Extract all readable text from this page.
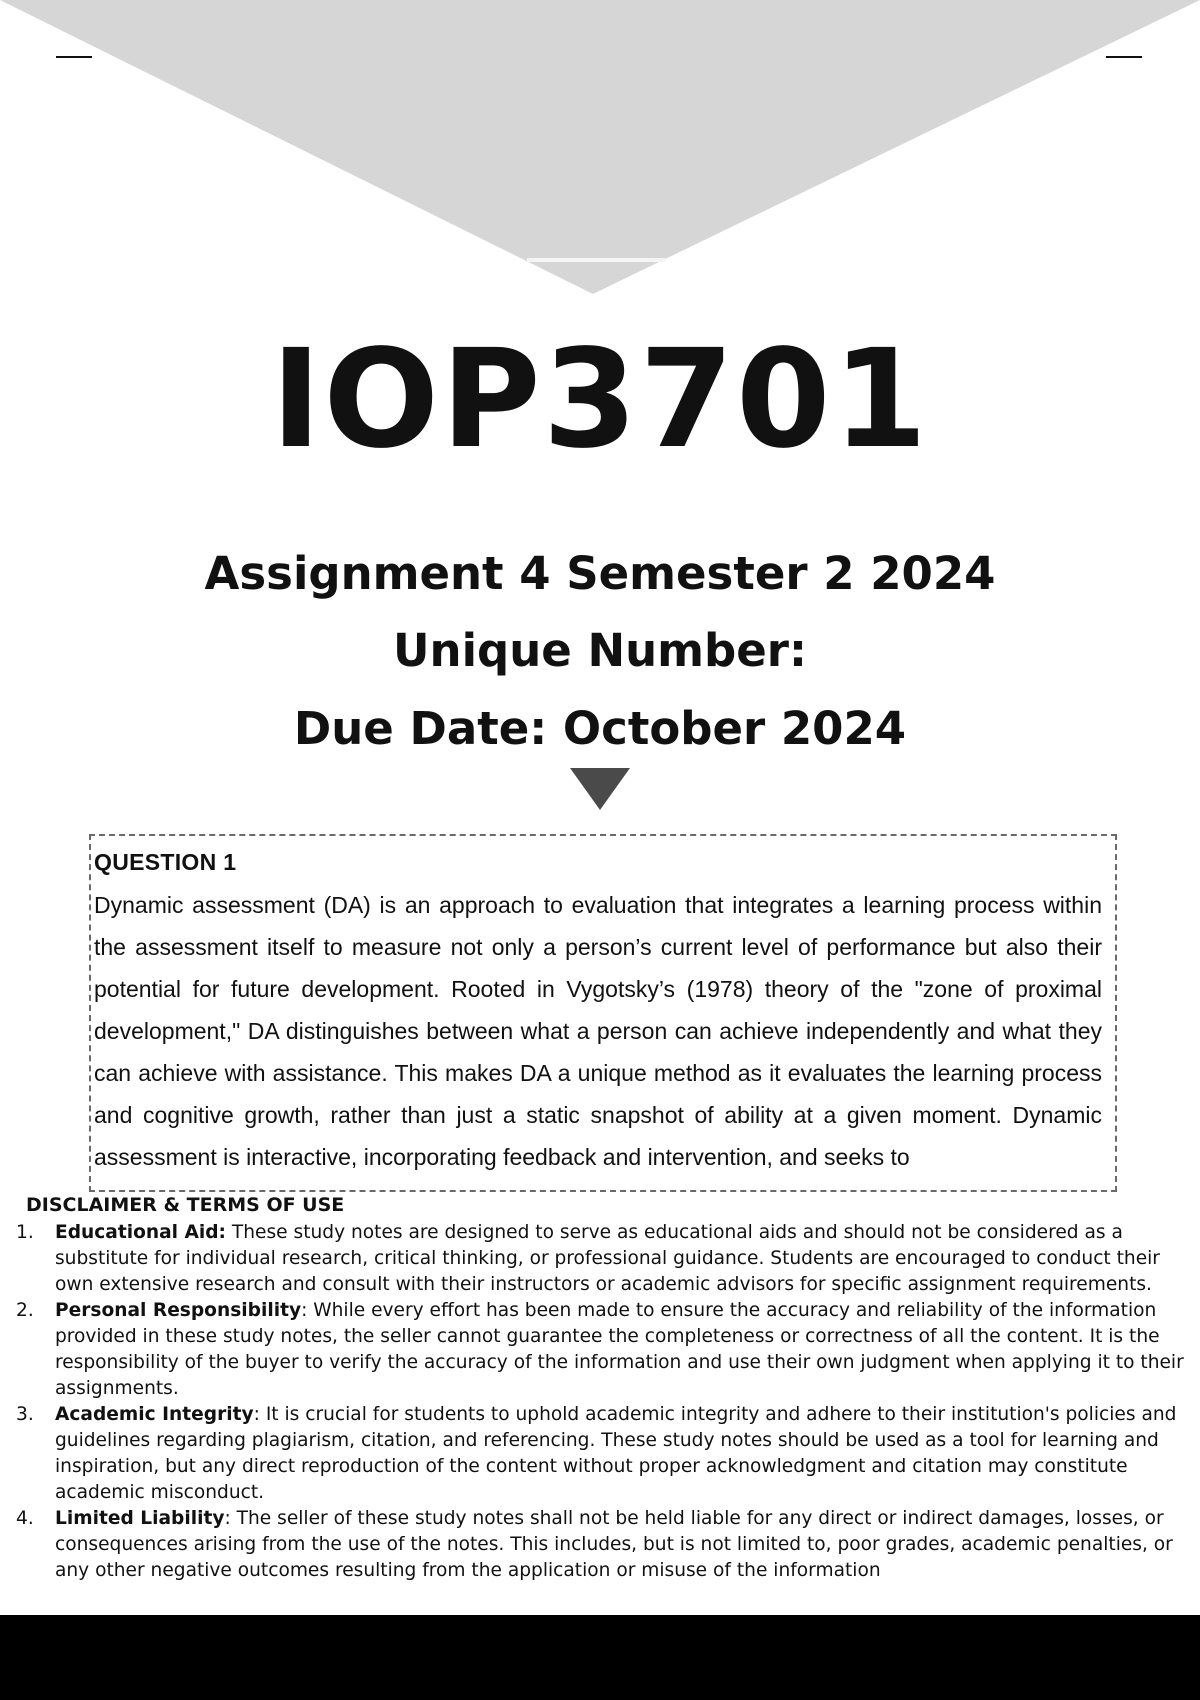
IOP3701
Assignment 4 Semester 2 2024
Unique Number:
Due Date: October 2024
QUESTION 1

Dynamic assessment (DA) is an approach to evaluation that integrates a learning process within the assessment itself to measure not only a person’s current level of performance but also their potential for future development. Rooted in Vygotsky’s (1978) theory of the "zone of proximal development," DA distinguishes between what a person can achieve independently and what they can achieve with assistance. This makes DA a unique method as it evaluates the learning process and cognitive growth, rather than just a static snapshot of ability at a given moment. Dynamic assessment is interactive, incorporating feedback and intervention, and seeks to

DISCLAIMER & TERMS OF USE
1. Educational Aid: These study notes are designed to serve as educational aids and should not be considered as a substitute for individual research, critical thinking, or professional guidance. Students are encouraged to conduct their own extensive research and consult with their instructors or academic advisors for specific assignment requirements.
2. Personal Responsibility: While every effort has been made to ensure the accuracy and reliability of the information provided in these study notes, the seller cannot guarantee the completeness or correctness of all the content. It is the responsibility of the buyer to verify the accuracy of the information and use their own judgment when applying it to their assignments.
3. Academic Integrity: It is crucial for students to uphold academic integrity and adhere to their institution's policies and guidelines regarding plagiarism, citation, and referencing. These study notes should be used as a tool for learning and inspiration, but any direct reproduction of the content without proper acknowledgment and citation may constitute academic misconduct.
4. Limited Liability: The seller of these study notes shall not be held liable for any direct or indirect damages, losses, or consequences arising from the use of the notes. This includes, but is not limited to, poor grades, academic penalties, or any other negative outcomes resulting from the application or misuse of the information
